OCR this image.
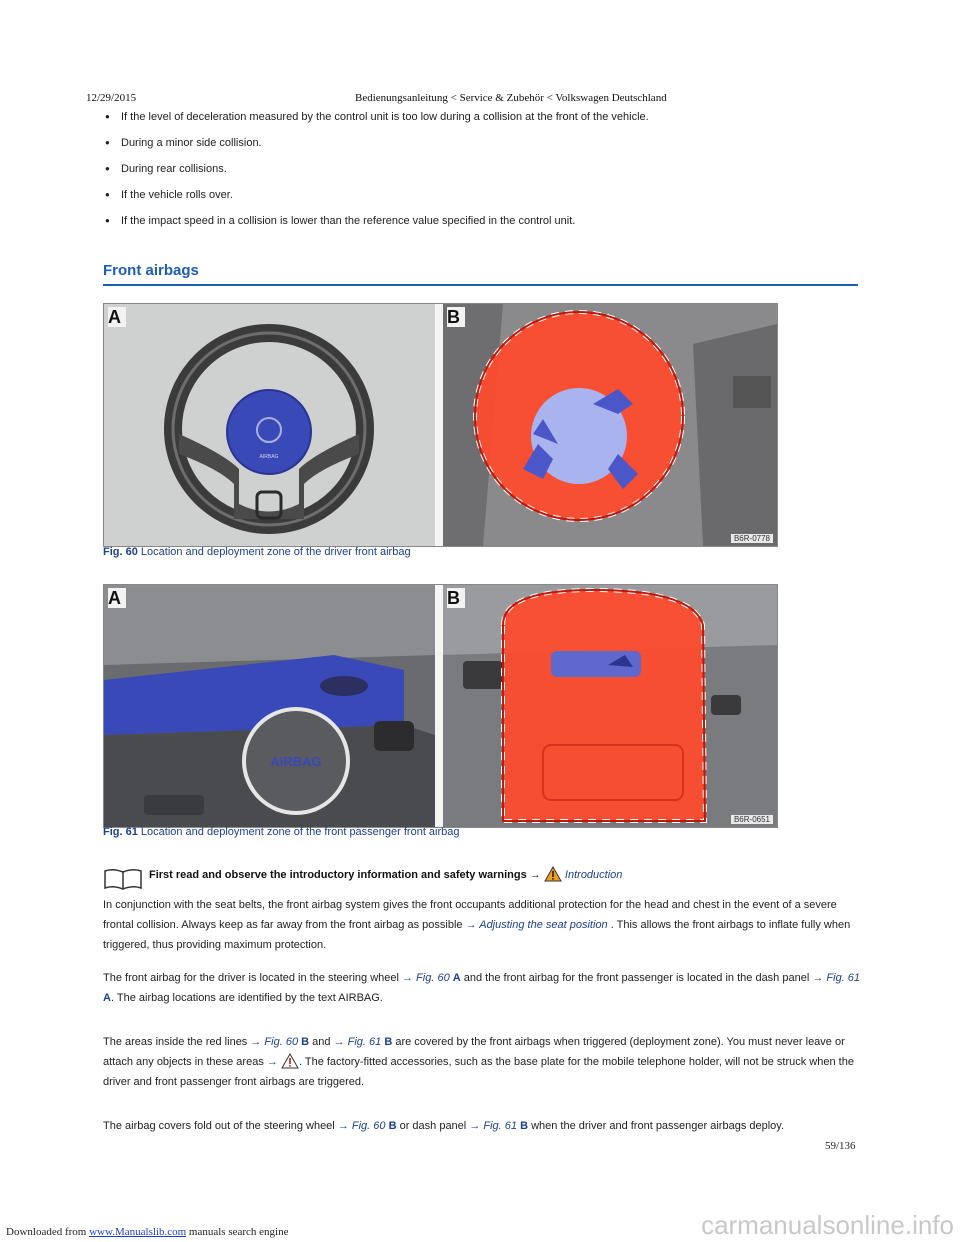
12/29/2015	Bedienungsanleitung < Service & Zubehör < Volkswagen Deutschland
● If the level of deceleration measured by the control unit is too low during a collision at the front of the vehicle.
● During a minor side collision.
● During rear collisions.
● If the vehicle rolls over.
● If the impact speed in a collision is lower than the reference value specified in the control unit.
Front airbags
AIRBAG
A	B
B6R-0778
Fig. 60 Location and deployment zone of the driver front airbag
AIRBAG
A	B
B6R-0651
Fig. 61 Location and deployment zone of the front passenger front airbag
First read and observe the introductory information and safety warnings → Introduction

In conjunction with the seat belts, the front airbag system gives the front occupants additional protection for the head and chest in the event of a severe frontal collision. Always keep as far away from the front airbag as possible → Adjusting the seat position . This allows the front airbags to inflate fully when triggered, thus providing maximum protection.

The front airbag for the driver is located in the steering wheel → Fig. 60 A and the front airbag for the front passenger is located in the dash panel → Fig. 61 A. The airbag locations are identified by the text AIRBAG.

The areas inside the red lines → Fig. 60 B and → Fig. 61 B are covered by the front airbags when triggered (deployment zone). You must never leave or attach any objects in these areas → . The factory-fitted accessories, such as the base plate for the mobile telephone holder, will not be struck when the driver and front passenger front airbags are triggered.

The airbag covers fold out of the steering wheel → Fig. 60 B or dash panel → Fig. 61 B when the driver and front passenger airbags deploy.

59/136
Downloaded from www.Manualslib.com manuals search engine	carmanualsonline.info
